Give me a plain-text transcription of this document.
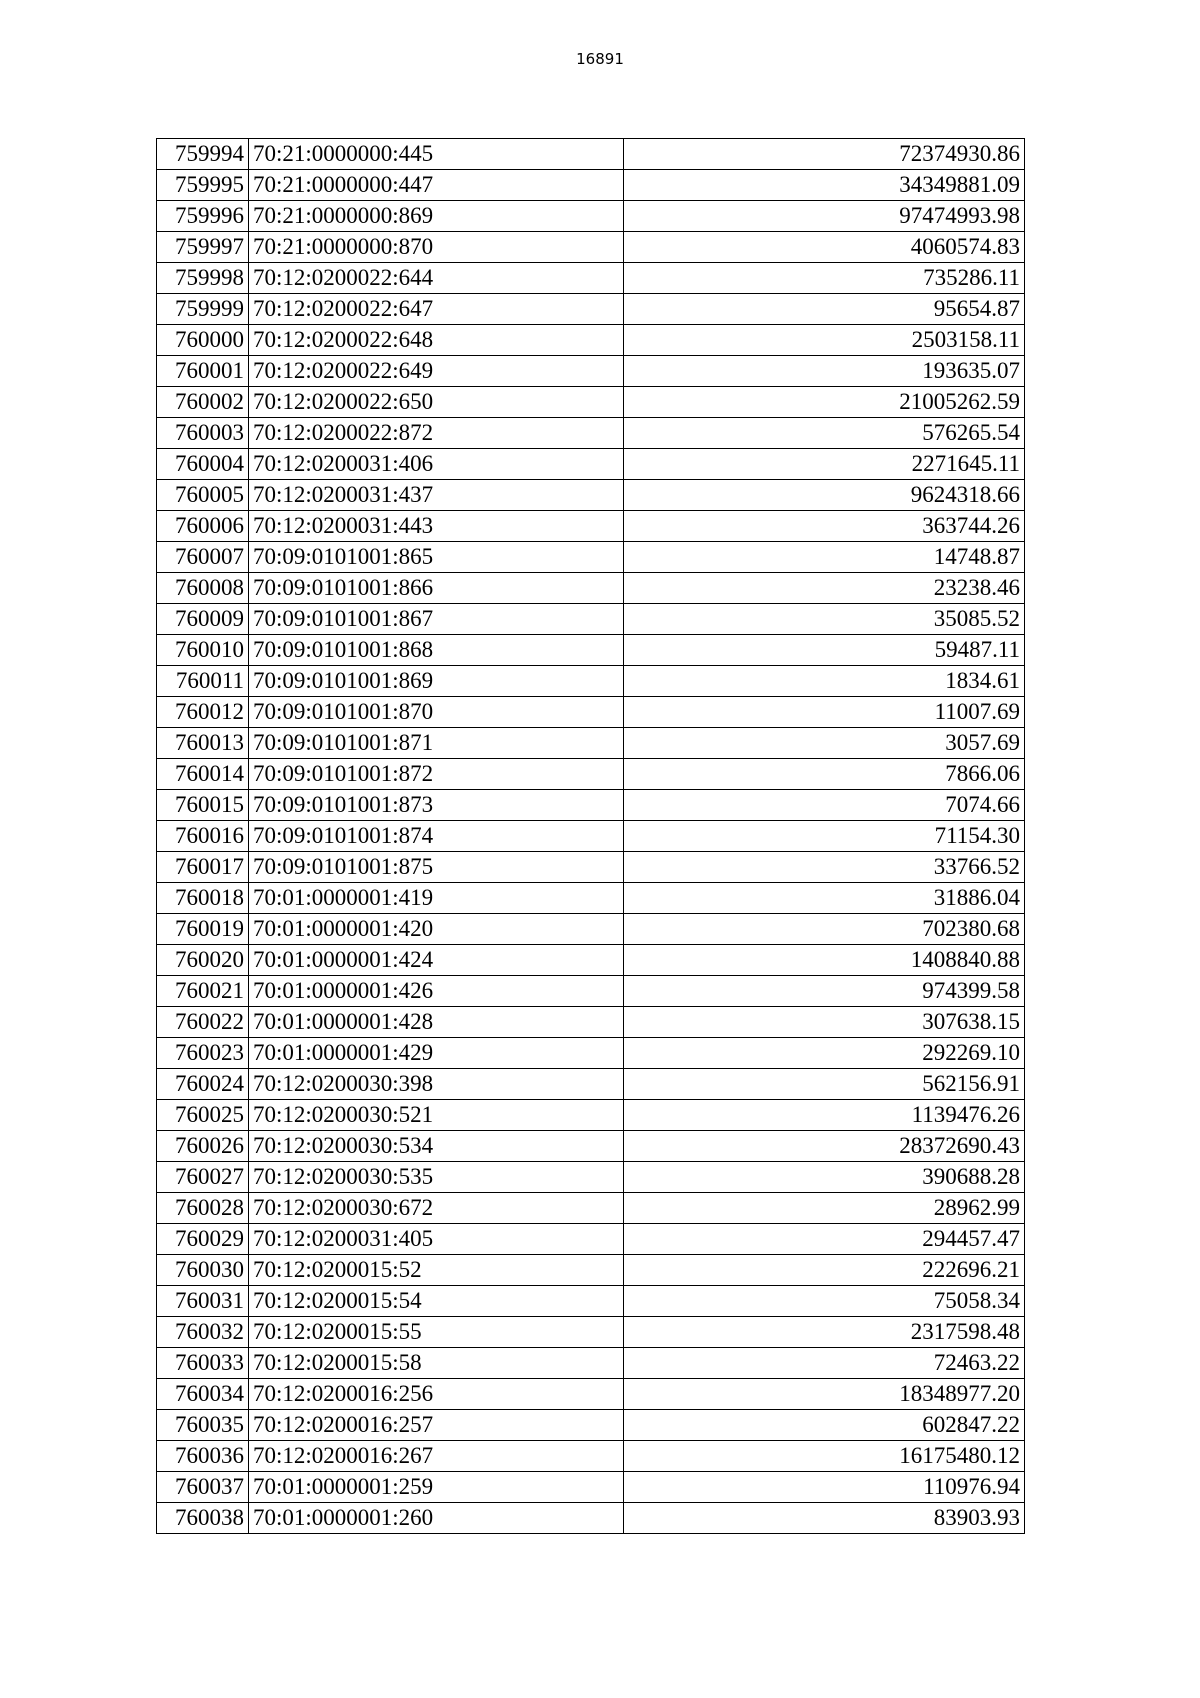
16891
759994	70:21:0000000:445	72374930.86
759995	70:21:0000000:447	34349881.09
759996	70:21:0000000:869	97474993.98
759997	70:21:0000000:870	4060574.83
759998	70:12:0200022:644	735286.11
759999	70:12:0200022:647	95654.87
760000	70:12:0200022:648	2503158.11
760001	70:12:0200022:649	193635.07
760002	70:12:0200022:650	21005262.59
760003	70:12:0200022:872	576265.54
760004	70:12:0200031:406	2271645.11
760005	70:12:0200031:437	9624318.66
760006	70:12:0200031:443	363744.26
760007	70:09:0101001:865	14748.87
760008	70:09:0101001:866	23238.46
760009	70:09:0101001:867	35085.52
760010	70:09:0101001:868	59487.11
760011	70:09:0101001:869	1834.61
760012	70:09:0101001:870	11007.69
760013	70:09:0101001:871	3057.69
760014	70:09:0101001:872	7866.06
760015	70:09:0101001:873	7074.66
760016	70:09:0101001:874	71154.30
760017	70:09:0101001:875	33766.52
760018	70:01:0000001:419	31886.04
760019	70:01:0000001:420	702380.68
760020	70:01:0000001:424	1408840.88
760021	70:01:0000001:426	974399.58
760022	70:01:0000001:428	307638.15
760023	70:01:0000001:429	292269.10
760024	70:12:0200030:398	562156.91
760025	70:12:0200030:521	1139476.26
760026	70:12:0200030:534	28372690.43
760027	70:12:0200030:535	390688.28
760028	70:12:0200030:672	28962.99
760029	70:12:0200031:405	294457.47
760030	70:12:0200015:52	222696.21
760031	70:12:0200015:54	75058.34
760032	70:12:0200015:55	2317598.48
760033	70:12:0200015:58	72463.22
760034	70:12:0200016:256	18348977.20
760035	70:12:0200016:257	602847.22
760036	70:12:0200016:267	16175480.12
760037	70:01:0000001:259	110976.94
760038	70:01:0000001:260	83903.93
